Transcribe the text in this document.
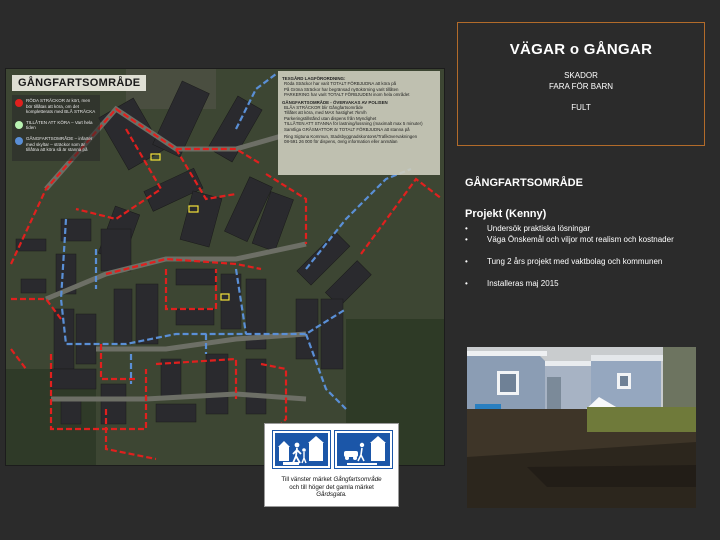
GÅNGFARTSOMRÅDE
RÖDA STRÄCKOR är kört, men bör tillåtas att köra, om det kompletterats med BLÅ STRÄCKA
TILLÅTEN ATT KÖRA – Vart hela tiden
GÅNGFARTSOMRÅDE – infarter med skyltar – sträckor som är tillåtna att köra så är stanna på
TEXGÅRD LAGFÖRORDNING:
Röda Sträckor har varit TOTALT FÖRBJUDNA att köra på
På Gröna Sträckor har begränsad nyttokörning varit tillåten
PARKERING har varit TOTALT FÖRBJUDEN inom hela området
GÅNGFARTSOMRÅDE - ÖVERVAKAS AV POLISEN
BLÅA STRÄCKOR blir Gångfartsområde
Tillåtet att köra, med MAX hastighet 7km/h
Parkeringstillstånd utan dispens från Myndighet
TILLÅTEN ATT STANNA för lastning/lossning (maximalt max 5 minuter)
Samtliga GRÄSMATTOR är TOTALT FÖRBJUDNA att stanna på
Ring Sigtuna Kommun, Stadsbyggnadskontoret/Trafikövervakningen
08-591 26 000 för dispens, övrig information eller anmälan
VÄGAR o GÅNGAR
SKADOR
FARA FÖR BARN
FULT
GÅNGFARTSOMRÅDE
Projekt (Kenny)
•	Undersök praktiska lösningar
•	Väga Önskemål och viljor mot realism och kostnader
•	Tung 2 års projekt med vaktbolag och kommunen
•	Installeras maj 2015
Till vänster märket Gångfartsområde
och till höger det gamla märket
Gårdsgata.
